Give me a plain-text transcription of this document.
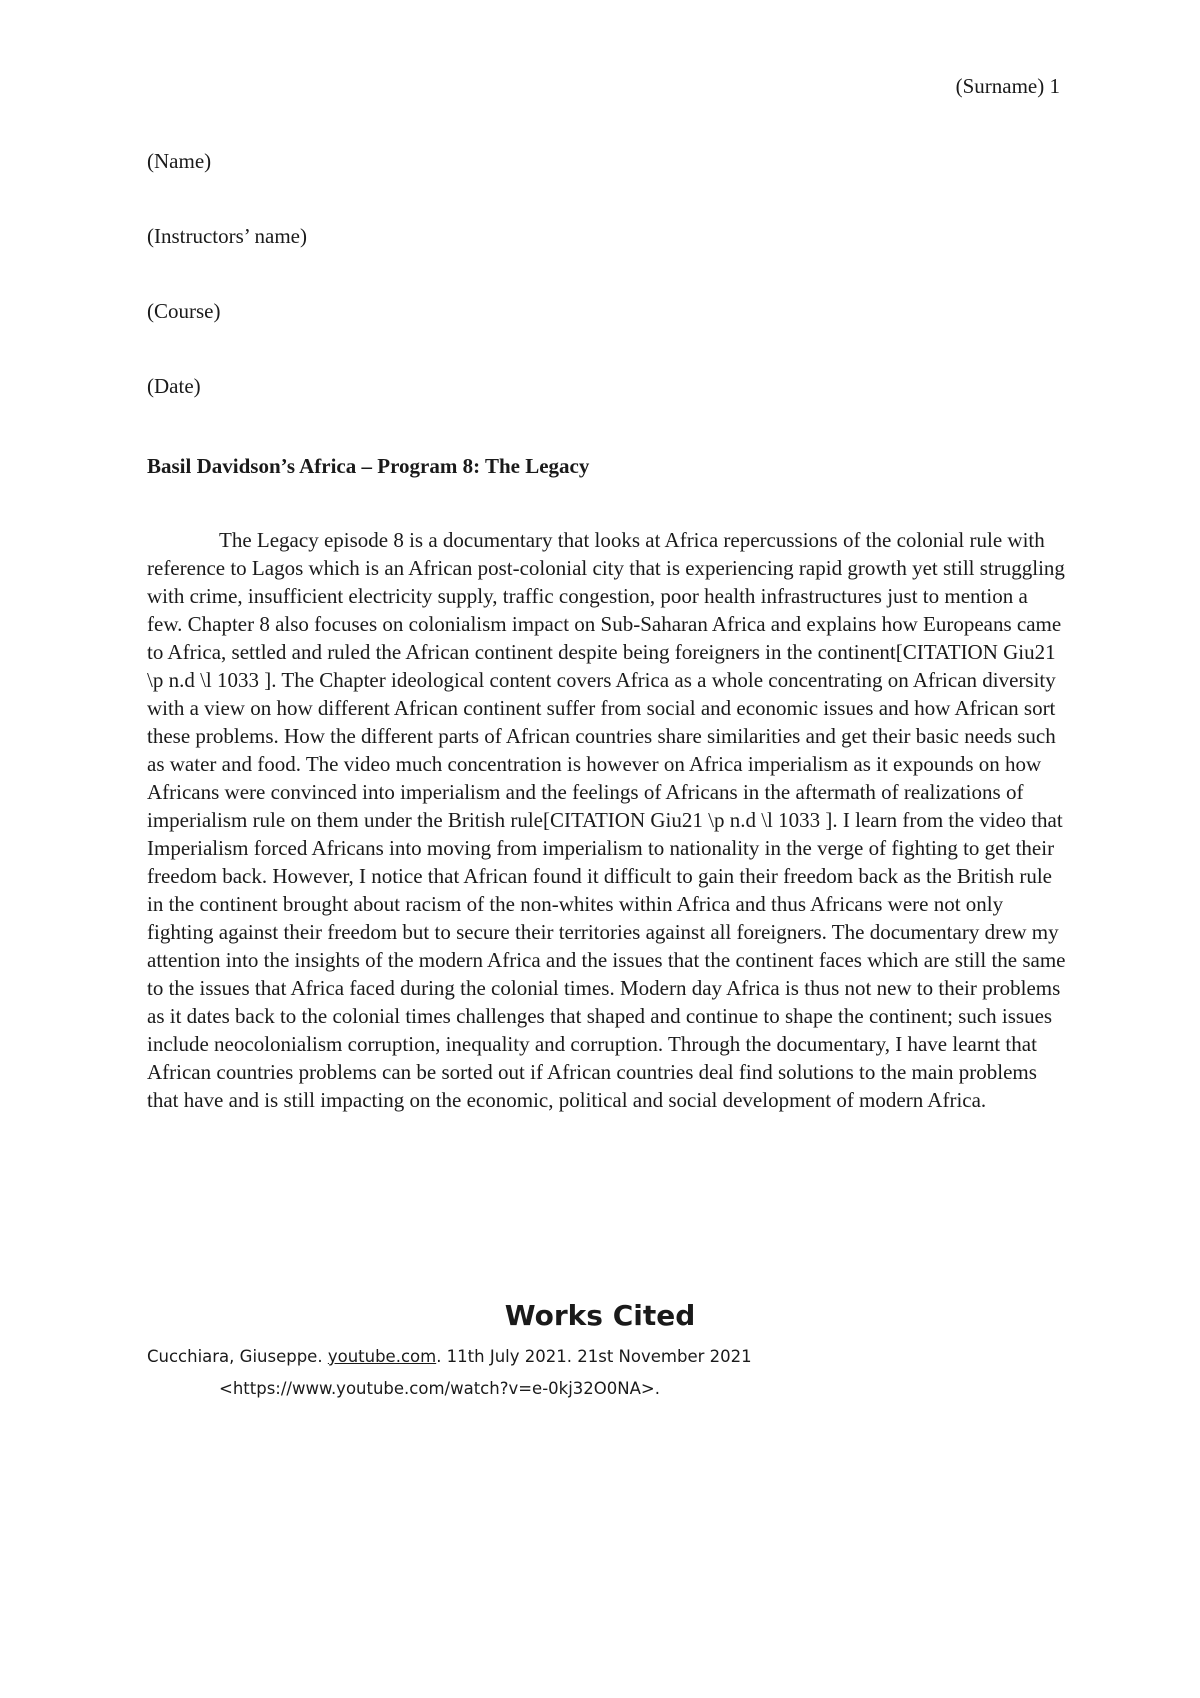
(Surname) 1
(Name)
(Instructors’ name)
(Course)
(Date)
Basil Davidson’s Africa – Program 8: The Legacy

The Legacy episode 8 is a documentary that looks at Africa repercussions of the colonial rule with reference to Lagos which is an African post-colonial city that is experiencing rapid growth yet still struggling with crime, insufficient electricity supply, traffic congestion, poor health infrastructures just to mention a few. Chapter 8 also focuses on colonialism impact on Sub-Saharan Africa and explains how Europeans came to Africa, settled and ruled the African continent despite being foreigners in the continent[CITATION Giu21 \p n.d \l 1033 ]. The Chapter ideological content covers Africa as a whole concentrating on African diversity with a view on how different African continent suffer from social and economic issues and how African sort these problems. How the different parts of African countries share similarities and get their basic needs such as water and food. The video much concentration is however on Africa imperialism as it expounds on how Africans were convinced into imperialism and the feelings of Africans in the aftermath of realizations of imperialism rule on them under the British rule[CITATION Giu21 \p n.d \l 1033 ]. I learn from the video that Imperialism forced Africans into moving from imperialism to nationality in the verge of fighting to get their freedom back. However, I notice that African found it difficult to gain their freedom back as the British rule in the continent brought about racism of the non-whites within Africa and thus Africans were not only fighting against their freedom but to secure their territories against all foreigners. The documentary drew my attention into the insights of the modern Africa and the issues that the continent faces which are still the same to the issues that Africa faced during the colonial times. Modern day Africa is thus not new to their problems as it dates back to the colonial times challenges that shaped and continue to shape the continent; such issues include neocolonialism corruption, inequality and corruption. Through the documentary, I have learnt that African countries problems can be sorted out if African countries deal find solutions to the main problems that have and is still impacting on the economic, political and social development of modern Africa.

Works Cited
Cucchiara, Giuseppe. youtube.com. 11th July 2021. 21st November 2021
<https://www.youtube.com/watch?v=e-0kj32O0NA>.
